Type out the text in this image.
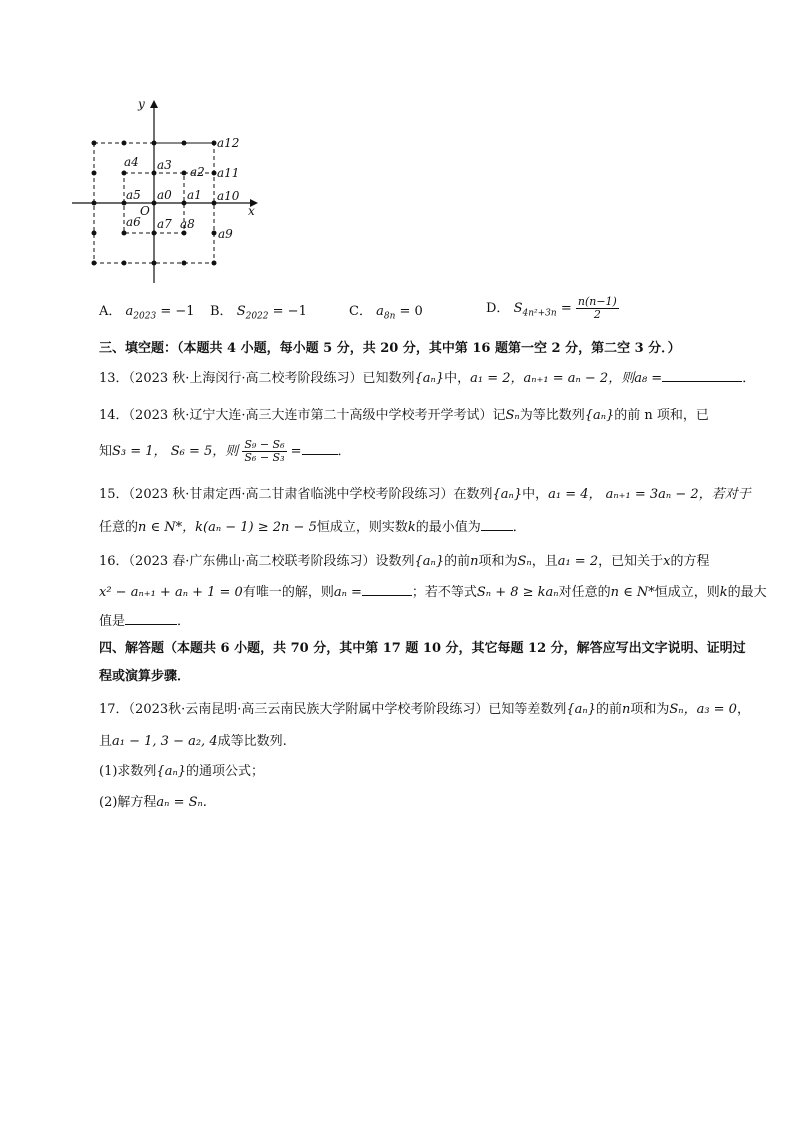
y
x
O
a0 a1
a2
a3
a4
a5
a6 a7 a8
a9
a10
a11
a12
A． $a_{2023} = -1$ B． $S_{2022} = -1$	C． $a_{8n} = 0$	D． $S_{4n^2+3n} = \frac{n(n-1)}{2}$
三、填空题：（本题共 4 小题，每小题 5 分，共 20 分，其中第 16 题第一空 2 分，第二空 3 分．）
13．（2023 秋·上海闵行·高二校考阶段练习）已知数列{aₙ}中，a₁ = 2，aₙ₊₁ = aₙ − 2，则a₈ =	．
14．（2023 秋·辽宁大连·高三大连市第二十高级中学校考开学考试）记Sₙ为等比数列{aₙ}的前 n 项和，已
知S₃ = 1， S₆ = 5，则 $\frac{\text{S₉ − S₆}}{\text{S₆ − S₃}}$ =	．
15．（2023 秋·甘肃定西·高二甘肃省临洮中学校考阶段练习）在数列{aₙ}中，a₁ = 4， aₙ₊₁ = 3aₙ − 2，若对于
任意的n ∈ N*，k(aₙ − 1) ≥ 2n − 5恒成立，则实数k的最小值为 ．
16．（2023 春·广东佛山·高二校联考阶段练习）设数列{aₙ}的前n项和为Sₙ，且a₁ = 2，已知关于x的方程
x² − aₙ₊₁ + aₙ + 1 = 0有唯一的解，则aₙ =	；若不等式Sₙ + 8 ≥ kaₙ对任意的n ∈ N*恒成立，则k的最大
值是	．
四、解答题（本题共 6 小题，共 70 分，其中第 17 题 10 分，其它每题 12 分，解答应写出文字说明、证明过
程或演算步骤．
17．（2023秋·云南昆明·高三云南民族大学附属中学校考阶段练习）已知等差数列{aₙ}的前n项和为Sₙ，a₃ = 0，
且a₁ − 1, 3 − a₂, 4成等比数列.
(1)求数列{aₙ}的通项公式；
(2)解方程aₙ = Sₙ.
